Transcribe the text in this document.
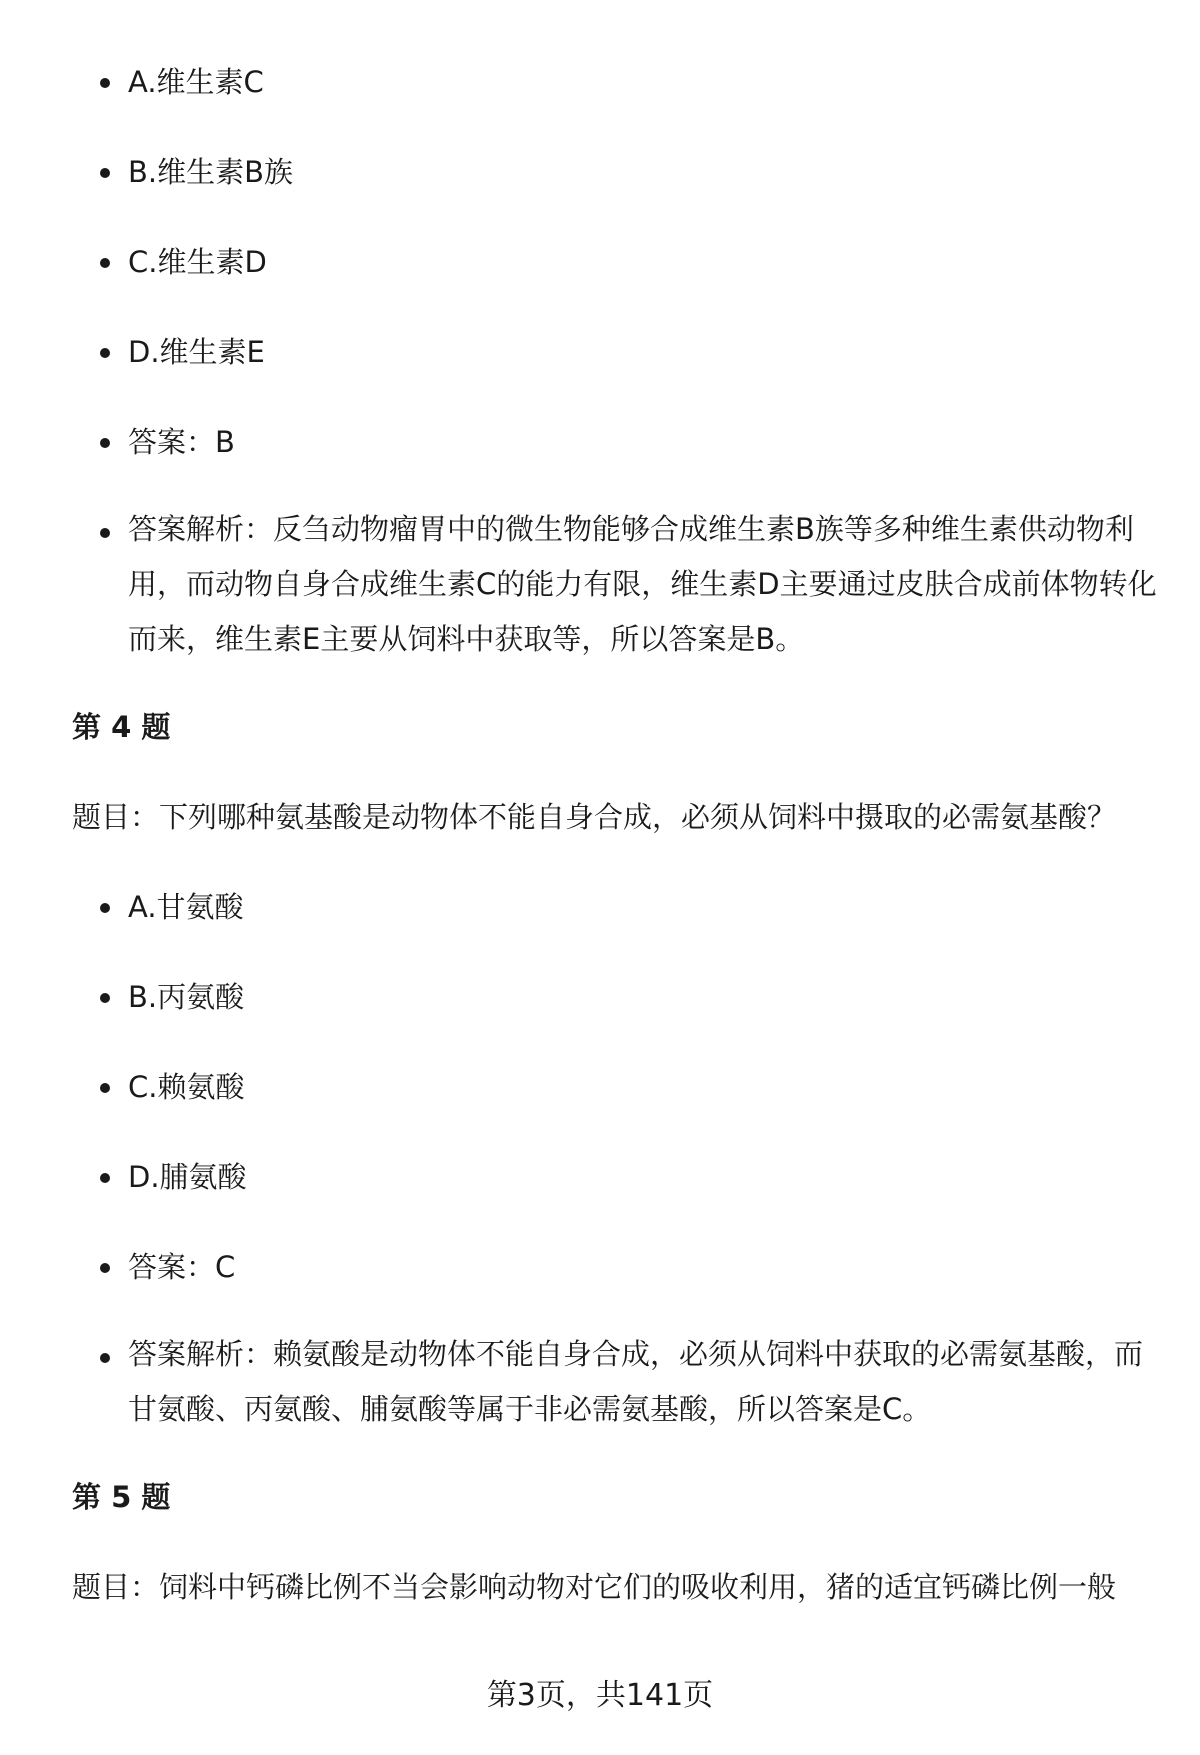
A.维生素C
B.维生素B族
C.维生素D
D.维生素E
答案：B
答案解析：反刍动物瘤胃中的微生物能够合成维生素B族等多种维生素供动物利用，而动物自身合成维生素C的能力有限，维生素D主要通过皮肤合成前体物转化而来，维生素E主要从饲料中获取等，所以答案是B。
第 4 题
题目：下列哪种氨基酸是动物体不能自身合成，必须从饲料中摄取的必需氨基酸？
A.甘氨酸
B.丙氨酸
C.赖氨酸
D.脯氨酸
答案：C
答案解析：赖氨酸是动物体不能自身合成，必须从饲料中获取的必需氨基酸，而甘氨酸、丙氨酸、脯氨酸等属于非必需氨基酸，所以答案是C。
第 5 题
题目：饲料中钙磷比例不当会影响动物对它们的吸收利用，猪的适宜钙磷比例一般
第3页，共141页
